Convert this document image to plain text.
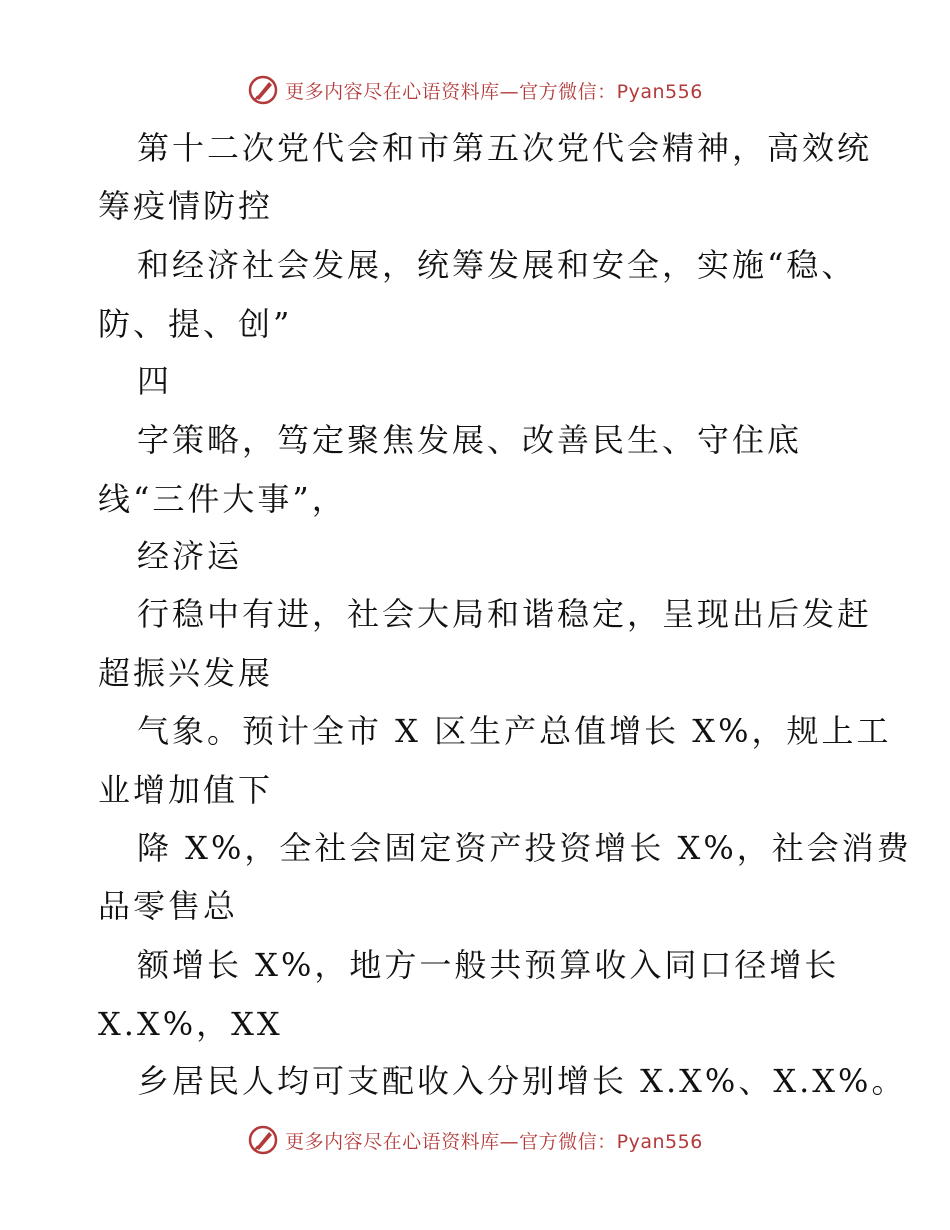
更多内容尽在心语资料库—官方微信：Pyan556
第十二次党代会和市第五次党代会精神，高效统
筹疫情防控
和经济社会发展，统筹发展和安全，实施“稳、
防、提、创”
四
字策略，笃定聚焦发展、改善民生、守住底
线“三件大事”，
经济运
行稳中有进，社会大局和谐稳定，呈现出后发赶
超振兴发展
气象。预计全市 X 区生产总值增长 X%，规上工
业增加值下
降 X%，全社会固定资产投资增长 X%，社会消费
品零售总
额增长 X%，地方一般共预算收入同口径增长
X.X%，XX
乡居民人均可支配收入分别增长 X.X%、X.X%。
更多内容尽在心语资料库—官方微信：Pyan556
